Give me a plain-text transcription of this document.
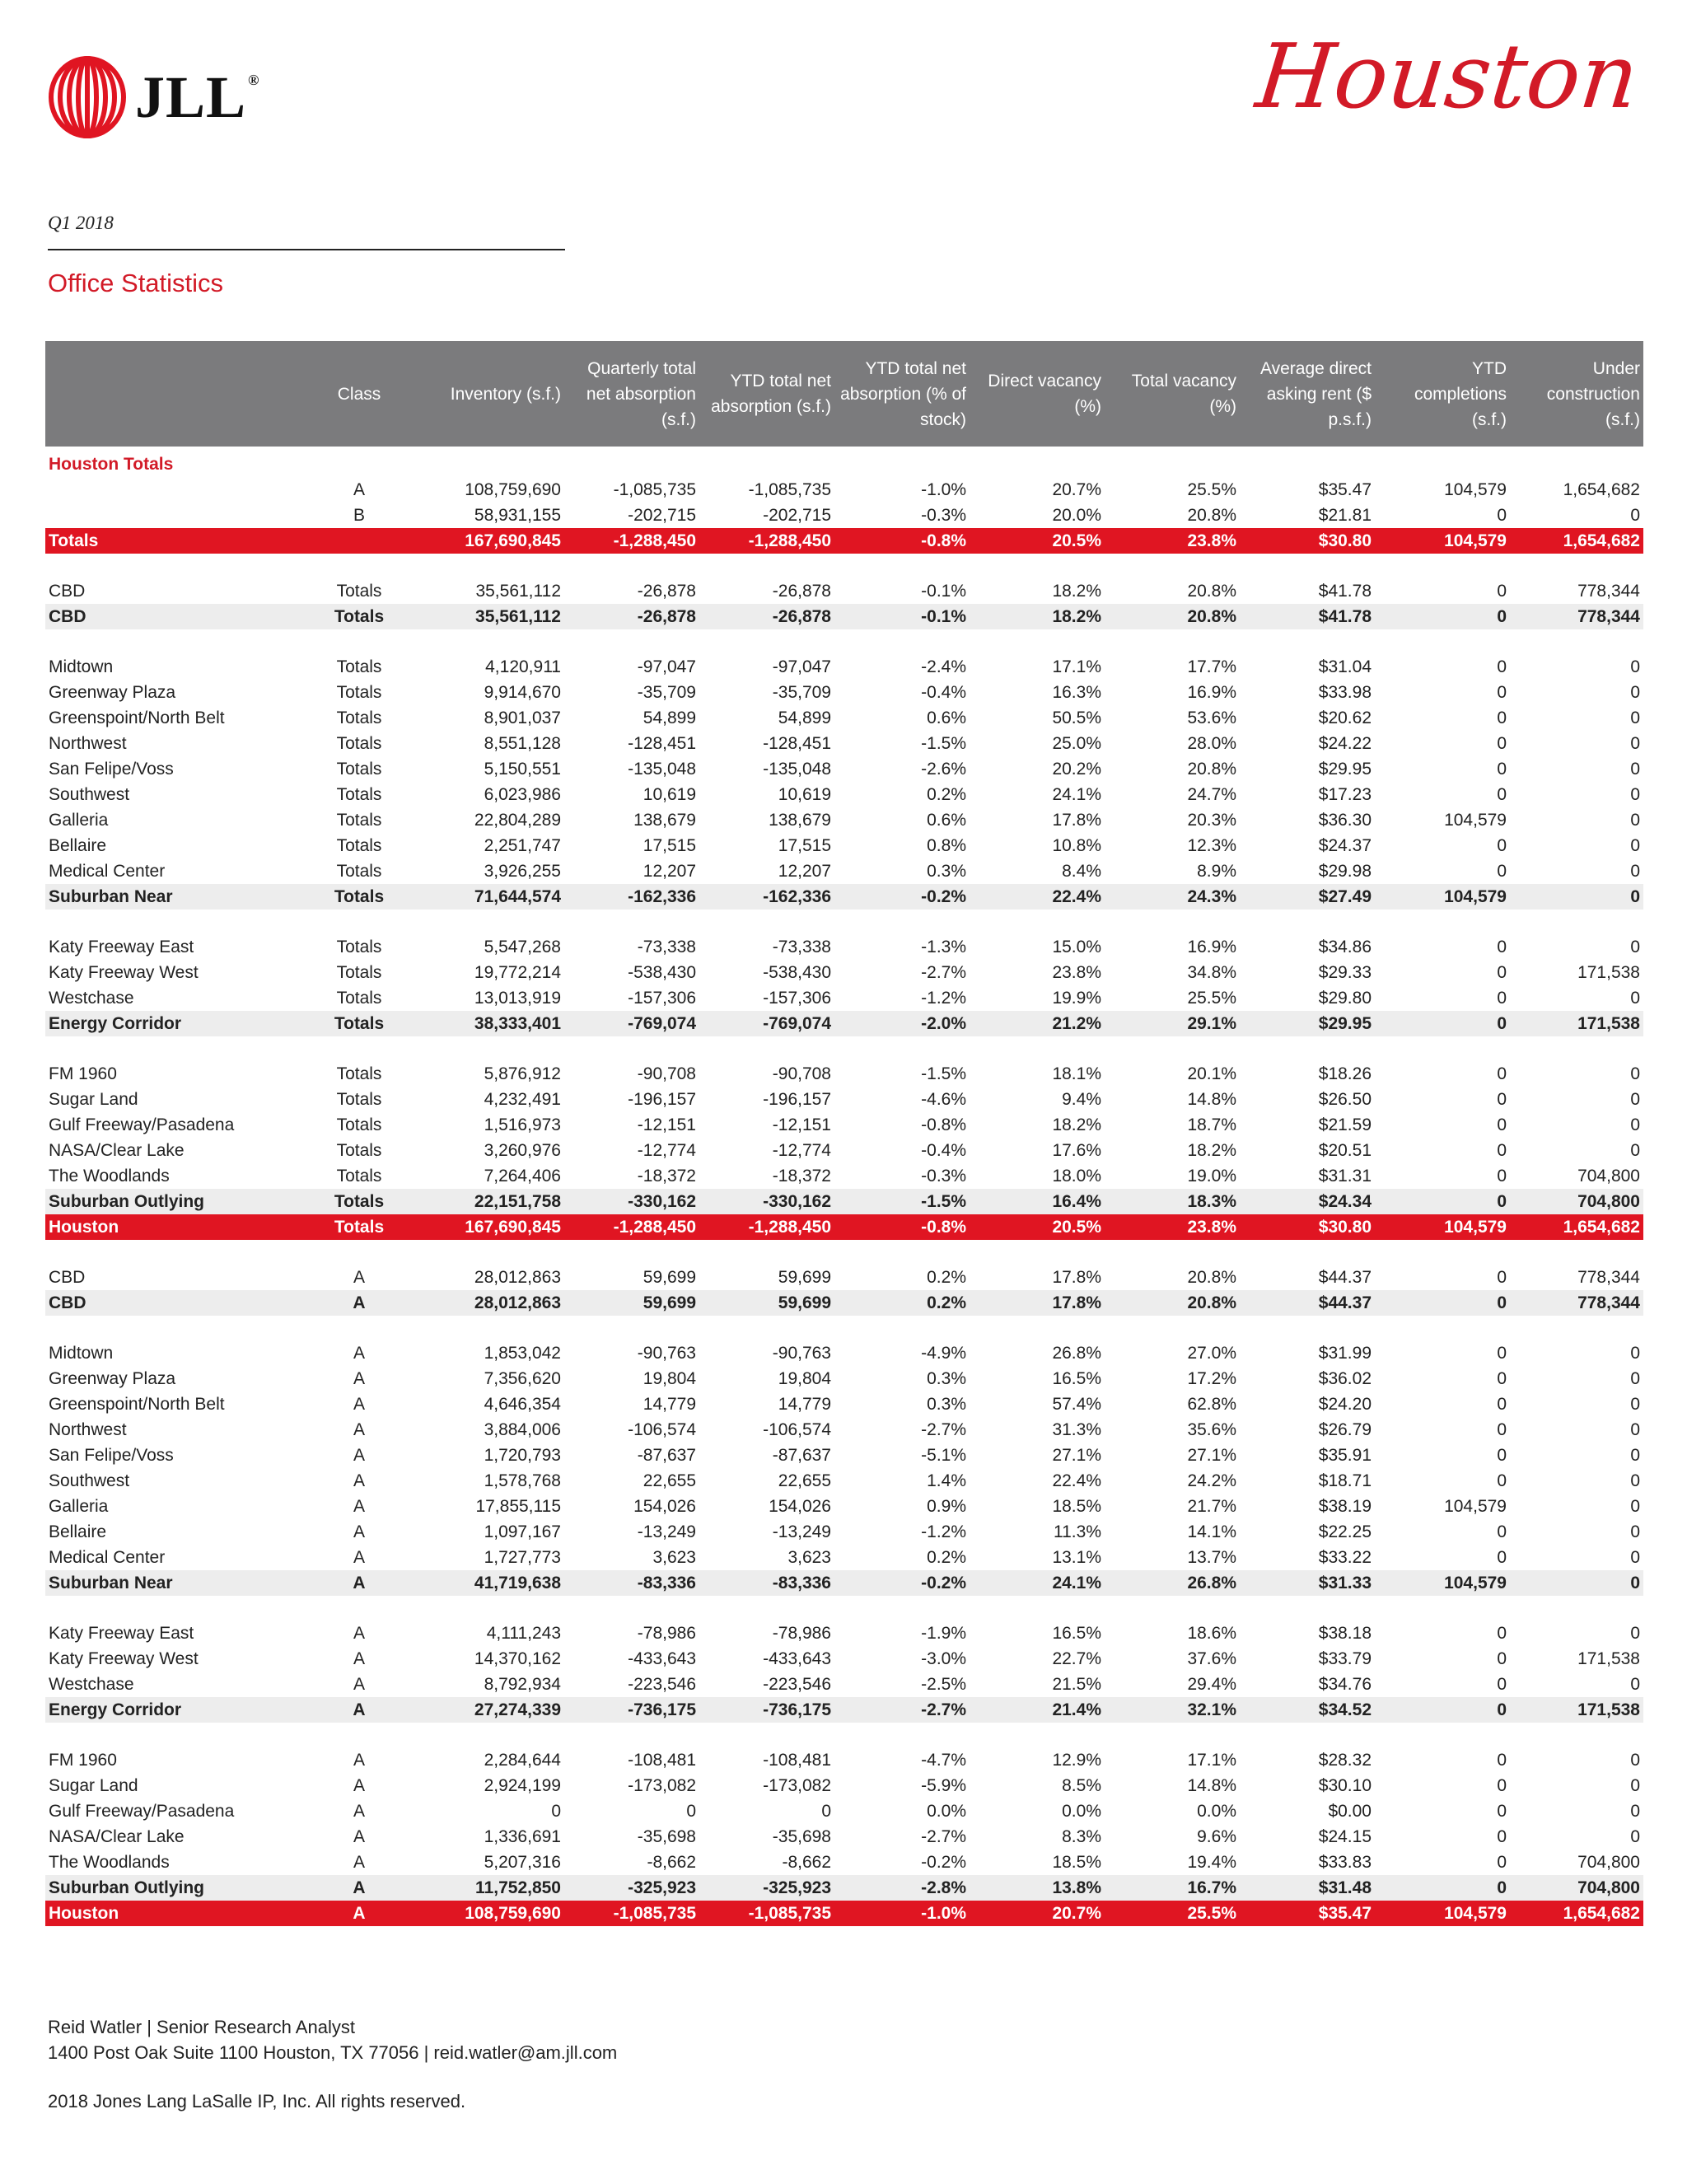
JLL ®	Houston
Q1 2018
Office Statistics
	Class	Inventory (s.f.)	Quarterly total net absorption (s.f.)	YTD total net absorption (s.f.)	YTD total net absorption (% of stock)	Direct vacancy (%)	Total vacancy (%)	Average direct asking rent ($ p.s.f.)	YTD completions (s.f.)	Under construction (s.f.)
Houston Totals										
	A	108,759,690	-1,085,735	-1,085,735	-1.0%	20.7%	25.5%	$35.47	104,579	1,654,682
	B	58,931,155	-202,715	-202,715	-0.3%	20.0%	20.8%	$21.81	0	0
Totals		167,690,845	-1,288,450	-1,288,450	-0.8%	20.5%	23.8%	$30.80	104,579	1,654,682

CBD	Totals	35,561,112	-26,878	-26,878	-0.1%	18.2%	20.8%	$41.78	0	778,344
CBD	Totals	35,561,112	-26,878	-26,878	-0.1%	18.2%	20.8%	$41.78	0	778,344

Midtown	Totals	4,120,911	-97,047	-97,047	-2.4%	17.1%	17.7%	$31.04	0	0
Greenway Plaza	Totals	9,914,670	-35,709	-35,709	-0.4%	16.3%	16.9%	$33.98	0	0
Greenspoint/North Belt	Totals	8,901,037	54,899	54,899	0.6%	50.5%	53.6%	$20.62	0	0
Northwest	Totals	8,551,128	-128,451	-128,451	-1.5%	25.0%	28.0%	$24.22	0	0
San Felipe/Voss	Totals	5,150,551	-135,048	-135,048	-2.6%	20.2%	20.8%	$29.95	0	0
Southwest	Totals	6,023,986	10,619	10,619	0.2%	24.1%	24.7%	$17.23	0	0
Galleria	Totals	22,804,289	138,679	138,679	0.6%	17.8%	20.3%	$36.30	104,579	0
Bellaire	Totals	2,251,747	17,515	17,515	0.8%	10.8%	12.3%	$24.37	0	0
Medical Center	Totals	3,926,255	12,207	12,207	0.3%	8.4%	8.9%	$29.98	0	0
Suburban Near	Totals	71,644,574	-162,336	-162,336	-0.2%	22.4%	24.3%	$27.49	104,579	0

Katy Freeway East	Totals	5,547,268	-73,338	-73,338	-1.3%	15.0%	16.9%	$34.86	0	0
Katy Freeway West	Totals	19,772,214	-538,430	-538,430	-2.7%	23.8%	34.8%	$29.33	0	171,538
Westchase	Totals	13,013,919	-157,306	-157,306	-1.2%	19.9%	25.5%	$29.80	0	0
Energy Corridor	Totals	38,333,401	-769,074	-769,074	-2.0%	21.2%	29.1%	$29.95	0	171,538

FM 1960	Totals	5,876,912	-90,708	-90,708	-1.5%	18.1%	20.1%	$18.26	0	0
Sugar Land	Totals	4,232,491	-196,157	-196,157	-4.6%	9.4%	14.8%	$26.50	0	0
Gulf Freeway/Pasadena	Totals	1,516,973	-12,151	-12,151	-0.8%	18.2%	18.7%	$21.59	0	0
NASA/Clear Lake	Totals	3,260,976	-12,774	-12,774	-0.4%	17.6%	18.2%	$20.51	0	0
The Woodlands	Totals	7,264,406	-18,372	-18,372	-0.3%	18.0%	19.0%	$31.31	0	704,800
Suburban Outlying	Totals	22,151,758	-330,162	-330,162	-1.5%	16.4%	18.3%	$24.34	0	704,800
Houston	Totals	167,690,845	-1,288,450	-1,288,450	-0.8%	20.5%	23.8%	$30.80	104,579	1,654,682

CBD	A	28,012,863	59,699	59,699	0.2%	17.8%	20.8%	$44.37	0	778,344
CBD	A	28,012,863	59,699	59,699	0.2%	17.8%	20.8%	$44.37	0	778,344

Midtown	A	1,853,042	-90,763	-90,763	-4.9%	26.8%	27.0%	$31.99	0	0
Greenway Plaza	A	7,356,620	19,804	19,804	0.3%	16.5%	17.2%	$36.02	0	0
Greenspoint/North Belt	A	4,646,354	14,779	14,779	0.3%	57.4%	62.8%	$24.20	0	0
Northwest	A	3,884,006	-106,574	-106,574	-2.7%	31.3%	35.6%	$26.79	0	0
San Felipe/Voss	A	1,720,793	-87,637	-87,637	-5.1%	27.1%	27.1%	$35.91	0	0
Southwest	A	1,578,768	22,655	22,655	1.4%	22.4%	24.2%	$18.71	0	0
Galleria	A	17,855,115	154,026	154,026	0.9%	18.5%	21.7%	$38.19	104,579	0
Bellaire	A	1,097,167	-13,249	-13,249	-1.2%	11.3%	14.1%	$22.25	0	0
Medical Center	A	1,727,773	3,623	3,623	0.2%	13.1%	13.7%	$33.22	0	0
Suburban Near	A	41,719,638	-83,336	-83,336	-0.2%	24.1%	26.8%	$31.33	104,579	0

Katy Freeway East	A	4,111,243	-78,986	-78,986	-1.9%	16.5%	18.6%	$38.18	0	0
Katy Freeway West	A	14,370,162	-433,643	-433,643	-3.0%	22.7%	37.6%	$33.79	0	171,538
Westchase	A	8,792,934	-223,546	-223,546	-2.5%	21.5%	29.4%	$34.76	0	0
Energy Corridor	A	27,274,339	-736,175	-736,175	-2.7%	21.4%	32.1%	$34.52	0	171,538

FM 1960	A	2,284,644	-108,481	-108,481	-4.7%	12.9%	17.1%	$28.32	0	0
Sugar Land	A	2,924,199	-173,082	-173,082	-5.9%	8.5%	14.8%	$30.10	0	0
Gulf Freeway/Pasadena	A	0	0	0	0.0%	0.0%	0.0%	$0.00	0	0
NASA/Clear Lake	A	1,336,691	-35,698	-35,698	-2.7%	8.3%	9.6%	$24.15	0	0
The Woodlands	A	5,207,316	-8,662	-8,662	-0.2%	18.5%	19.4%	$33.83	0	704,800
Suburban Outlying	A	11,752,850	-325,923	-325,923	-2.8%	13.8%	16.7%	$31.48	0	704,800
Houston	A	108,759,690	-1,085,735	-1,085,735	-1.0%	20.7%	25.5%	$35.47	104,579	1,654,682
Reid Watler | Senior Research Analyst
1400 Post Oak Suite 1100 Houston, TX 77056 | reid.watler@am.jll.com
2018 Jones Lang LaSalle IP, Inc. All rights reserved.
